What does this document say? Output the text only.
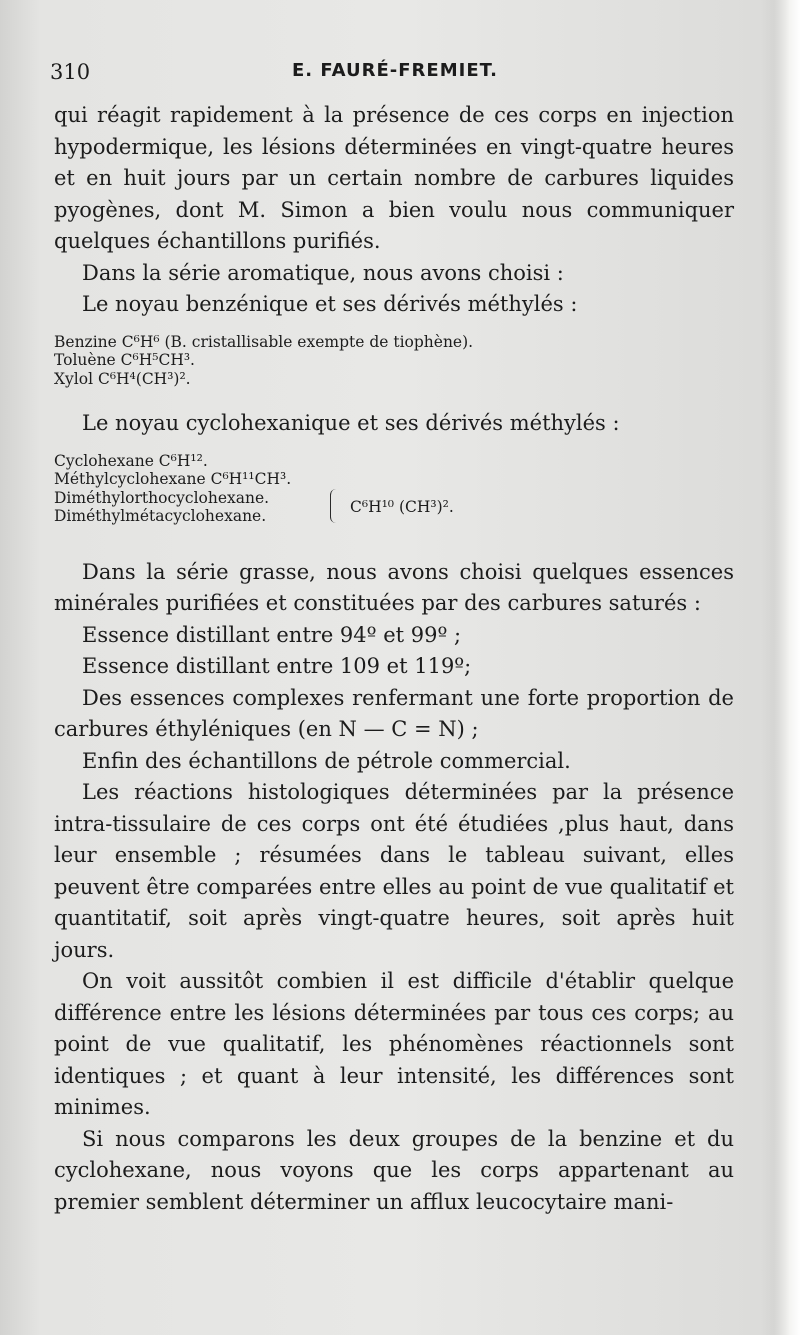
310	E. FAURÉ-FREMIET.

qui réagit rapidement à la présence de ces corps en injection hypodermique, les lésions déterminées en vingt-quatre heures et en huit jours par un certain nombre de carbures liquides pyogènes, dont M. Simon a bien voulu nous communiquer quelques échantillons purifiés.

Dans la série aromatique, nous avons choisi :

Le noyau benzénique et ses dérivés méthylés :

Benzine C⁶H⁶ (B. cristallisable exempte de tiophène).

Toluène C⁶H⁵CH³.

Xylol C⁶H⁴(CH³)².

Le noyau cyclohexanique et ses dérivés méthylés :

Cyclohexane C⁶H¹².

Méthylcyclohexane C⁶H¹¹CH³.

Diméthylorthocyclohexane.

Diméthylmétacyclohexane.

C⁶H¹⁰ (CH³)².

Dans la série grasse, nous avons choisi quelques essences minérales purifiées et constituées par des carbures saturés :

Essence distillant entre 94º et 99º ;

Essence distillant entre 109 et 119º;

Des essences complexes renfermant une forte proportion de carbures éthyléniques (en N — C = N) ;

Enfin des échantillons de pétrole commercial.

Les réactions histologiques déterminées par la présence intra-tissulaire de ces corps ont été étudiées ,plus haut, dans leur ensemble ; résumées dans le tableau suivant, elles peuvent être comparées entre elles au point de vue qualitatif et quantitatif, soit après vingt-quatre heures, soit après huit jours.

On voit aussitôt combien il est difficile d'établir quelque différence entre les lésions déterminées par tous ces corps; au point de vue qualitatif, les phénomènes réactionnels sont identiques ; et quant à leur intensité, les différences sont minimes.

Si nous comparons les deux groupes de la benzine et du cyclohexane, nous voyons que les corps appartenant au premier semblent déterminer un afflux leucocytaire mani-
